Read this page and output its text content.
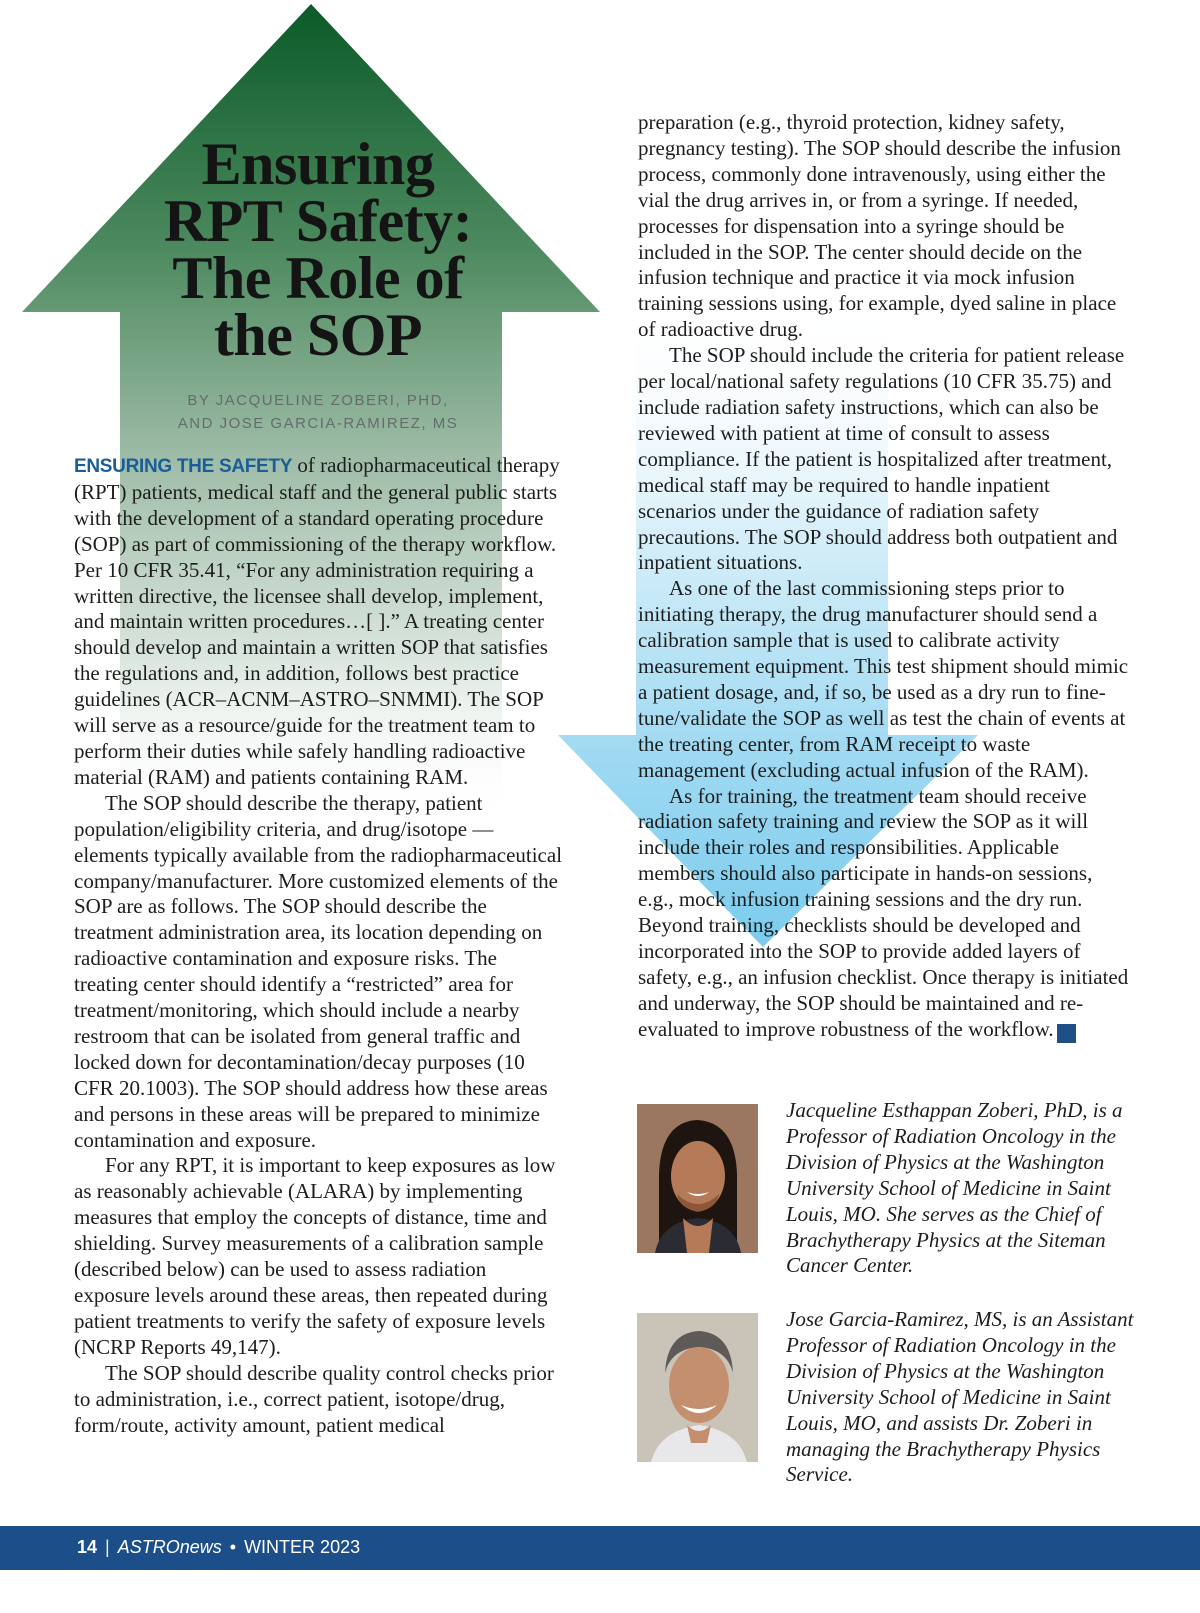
Ensuring
RPT Safety:
The Role of
the SOP
BY JACQUELINE ZOBERI, PHD,
AND JOSE GARCIA-RAMIREZ, MS

ENSURING THE SAFETY of radiopharmaceutical therapy (RPT) patients, medical staff and the general public starts with the development of a standard operating procedure (SOP) as part of commissioning of the therapy workflow. Per 10 CFR 35.41, “For any administration requiring a written directive, the licensee shall develop, implement, and maintain written procedures…[ ].” A treating center should develop and maintain a written SOP that satisfies the regulations and, in addition, follows best practice guidelines (ACR–ACNM–ASTRO–SNMMI). The SOP will serve as a resource/guide for the treatment team to perform their duties while safely handling radioactive material (RAM) and patients containing RAM.

The SOP should describe the therapy, patient population/eligibility criteria, and drug/isotope — elements typically available from the radiopharmaceutical company/manufacturer. More customized elements of the SOP are as follows. The SOP should describe the treatment administration area, its location depending on radioactive contamination and exposure risks. The treating center should identify a “restricted” area for treatment/monitoring, which should include a nearby restroom that can be isolated from general traffic and locked down for decontamination/decay purposes (10 CFR 20.1003). The SOP should address how these areas and persons in these areas will be prepared to minimize contamination and exposure.

For any RPT, it is important to keep exposures as low as reasonably achievable (ALARA) by implementing measures that employ the concepts of distance, time and shielding. Survey measurements of a calibration sample (described below) can be used to assess radiation exposure levels around these areas, then repeated during patient treatments to verify the safety of exposure levels (NCRP Reports 49,147).

The SOP should describe quality control checks prior to administration, i.e., correct patient, isotope/drug, form/route, activity amount, patient medical

preparation (e.g., thyroid protection, kidney safety, pregnancy testing). The SOP should describe the infusion process, commonly done intravenously, using either the vial the drug arrives in, or from a syringe. If needed, processes for dispensation into a syringe should be included in the SOP. The center should decide on the infusion technique and practice it via mock infusion training sessions using, for example, dyed saline in place of radioactive drug.

The SOP should include the criteria for patient release per local/national safety regulations (10 CFR 35.75) and include radiation safety instructions, which can also be reviewed with patient at time of consult to assess compliance. If the patient is hospitalized after treatment, medical staff may be required to handle inpatient scenarios under the guidance of radiation safety precautions. The SOP should address both outpatient and inpatient situations.

As one of the last commissioning steps prior to initiating therapy, the drug manufacturer should send a calibration sample that is used to calibrate activity measurement equipment. This test shipment should mimic a patient dosage, and, if so, be used as a dry run to fine-tune/validate the SOP as well as test the chain of events at the treating center, from RAM receipt to waste management (excluding actual infusion of the RAM).

As for training, the treatment team should receive radiation safety training and review the SOP as it will include their roles and responsibilities. Applicable members should also participate in hands-on sessions, e.g., mock infusion training sessions and the dry run. Beyond training, checklists should be developed and incorporated into the SOP to provide added layers of safety, e.g., an infusion checklist. Once therapy is initiated and underway, the SOP should be maintained and re-evaluated to improve robustness of the workflow. A

Jacqueline Esthappan Zoberi, PhD, is a Professor of Radiation Oncology in the Division of Physics at the Washington University School of Medicine in Saint Louis, MO. She serves as the Chief of Brachytherapy Physics at the Siteman Cancer Center.

Jose Garcia-Ramirez, MS, is an Assistant Professor of Radiation Oncology in the Division of Physics at the Washington University School of Medicine in Saint Louis, MO, and assists Dr. Zoberi in managing the Brachytherapy Physics Service.

14 | ASTROnews • WINTER 2023
